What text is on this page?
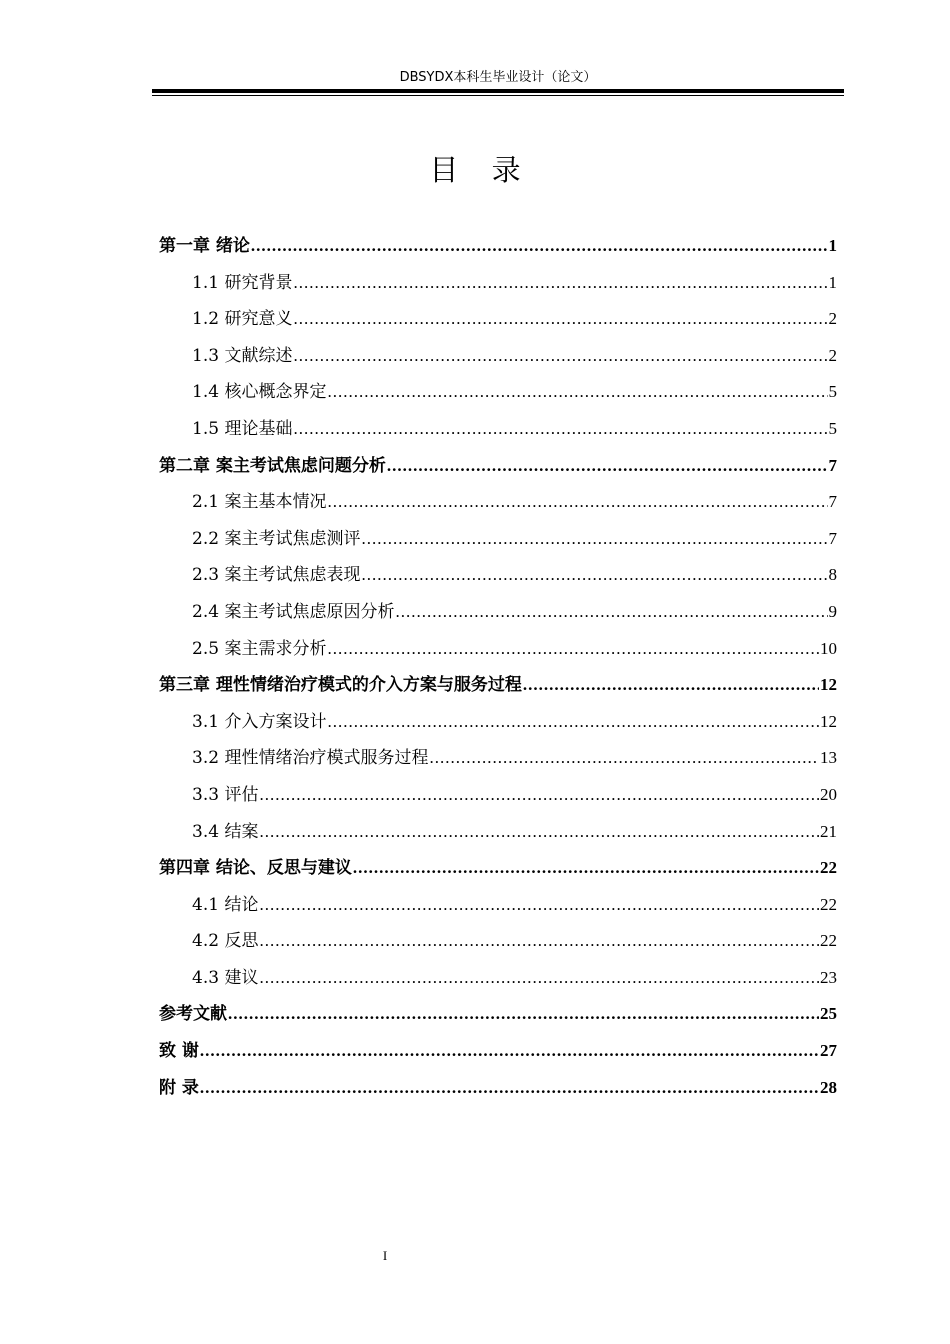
DBSYDX本科生毕业设计（论文）
目 录
第一章 绪论 .....	1
1.1 研究背景 .....	1
1.2 研究意义 .....	2
1.3 文献综述 .....	2
1.4 核心概念界定 .....	5
1.5 理论基础 .....	5
第二章 案主考试焦虑问题分析 .....	7
2.1 案主基本情况 .....	7
2.2 案主考试焦虑测评 .....	7
2.3 案主考试焦虑表现 .....	8
2.4 案主考试焦虑原因分析 .....	9
2.5 案主需求分析 .....	10
第三章 理性情绪治疗模式的介入方案与服务过程 .....	12
3.1 介入方案设计 .....	12
3.2 理性情绪治疗模式服务过程 .....	13
3.3 评估 .....	20
3.4 结案 .....	21
第四章 结论、反思与建议 .....	22
4.1 结论 .....	22
4.2 反思 .....	22
4.3 建议 .....	23
参考文献 .....	25
致 谢 .....	27
附 录 .....	28
I
